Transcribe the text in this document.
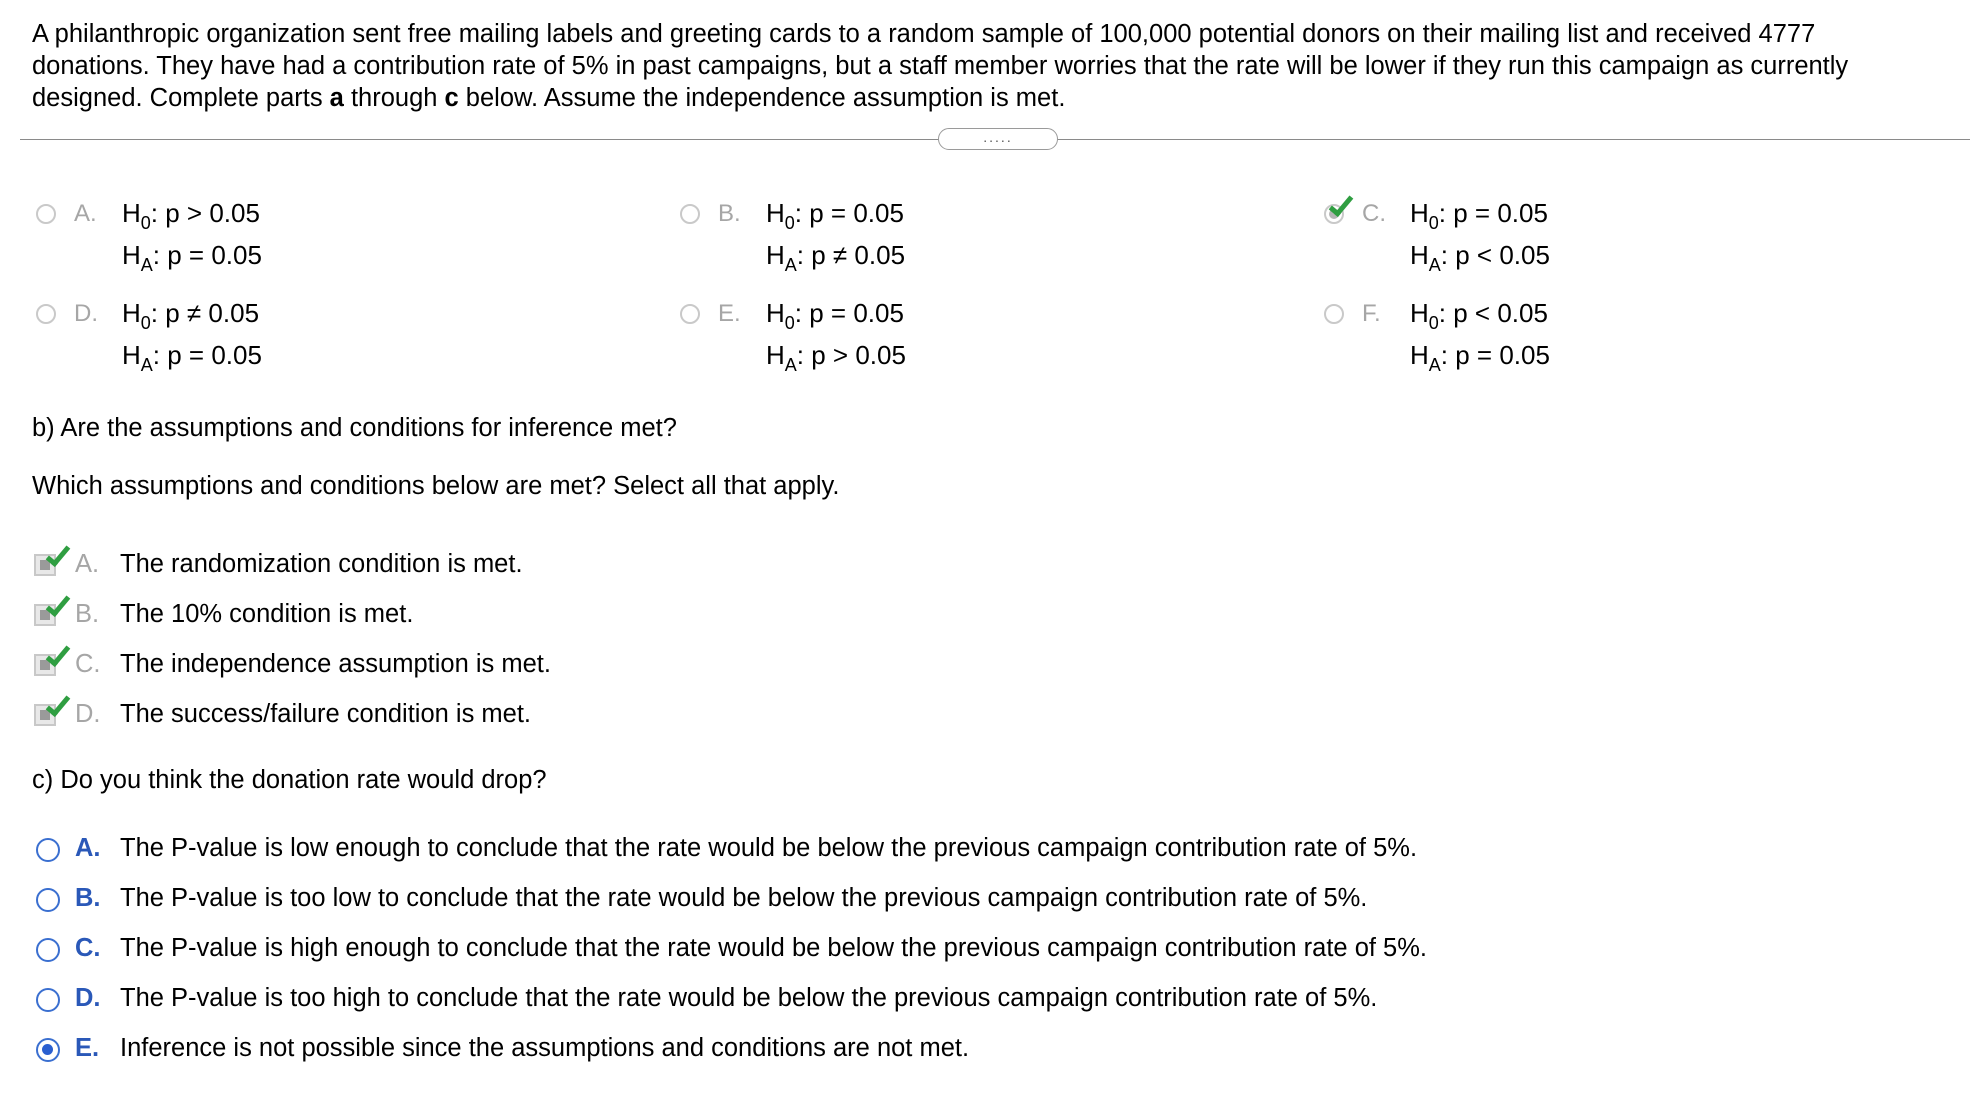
A philanthropic organization sent free mailing labels and greeting cards to a random sample of 100,000 potential donors on their mailing list and received 4777
donations. They have had a contribution rate of 5% in past campaigns, but a staff member worries that the rate will be lower if they run this campaign as currently
designed. Complete parts a through c below. Assume the independence assumption is met.
.....
A. $H_0$: p > 0.05
$H_A$: p = 0.05
B. $H_0$: p = 0.05
$H_A$: p ≠ 0.05
C. $H_0$: p = 0.05
$H_A$: p < 0.05
D. $H_0$: p ≠ 0.05
$H_A$: p = 0.05
E. $H_0$: p = 0.05
$H_A$: p > 0.05
F. $H_0$: p < 0.05
$H_A$: p = 0.05
b) Are the assumptions and conditions for inference met?
Which assumptions and conditions below are met? Select all that apply.
A. The randomization condition is met.
B. The 10% condition is met.
C. The independence assumption is met.
D. The success/failure condition is met.
c) Do you think the donation rate would drop?
A. The P-value is low enough to conclude that the rate would be below the previous campaign contribution rate of 5%.
B. The P-value is too low to conclude that the rate would be below the previous campaign contribution rate of 5%.
C. The P-value is high enough to conclude that the rate would be below the previous campaign contribution rate of 5%.
D. The P-value is too high to conclude that the rate would be below the previous campaign contribution rate of 5%.
E. Inference is not possible since the assumptions and conditions are not met.
